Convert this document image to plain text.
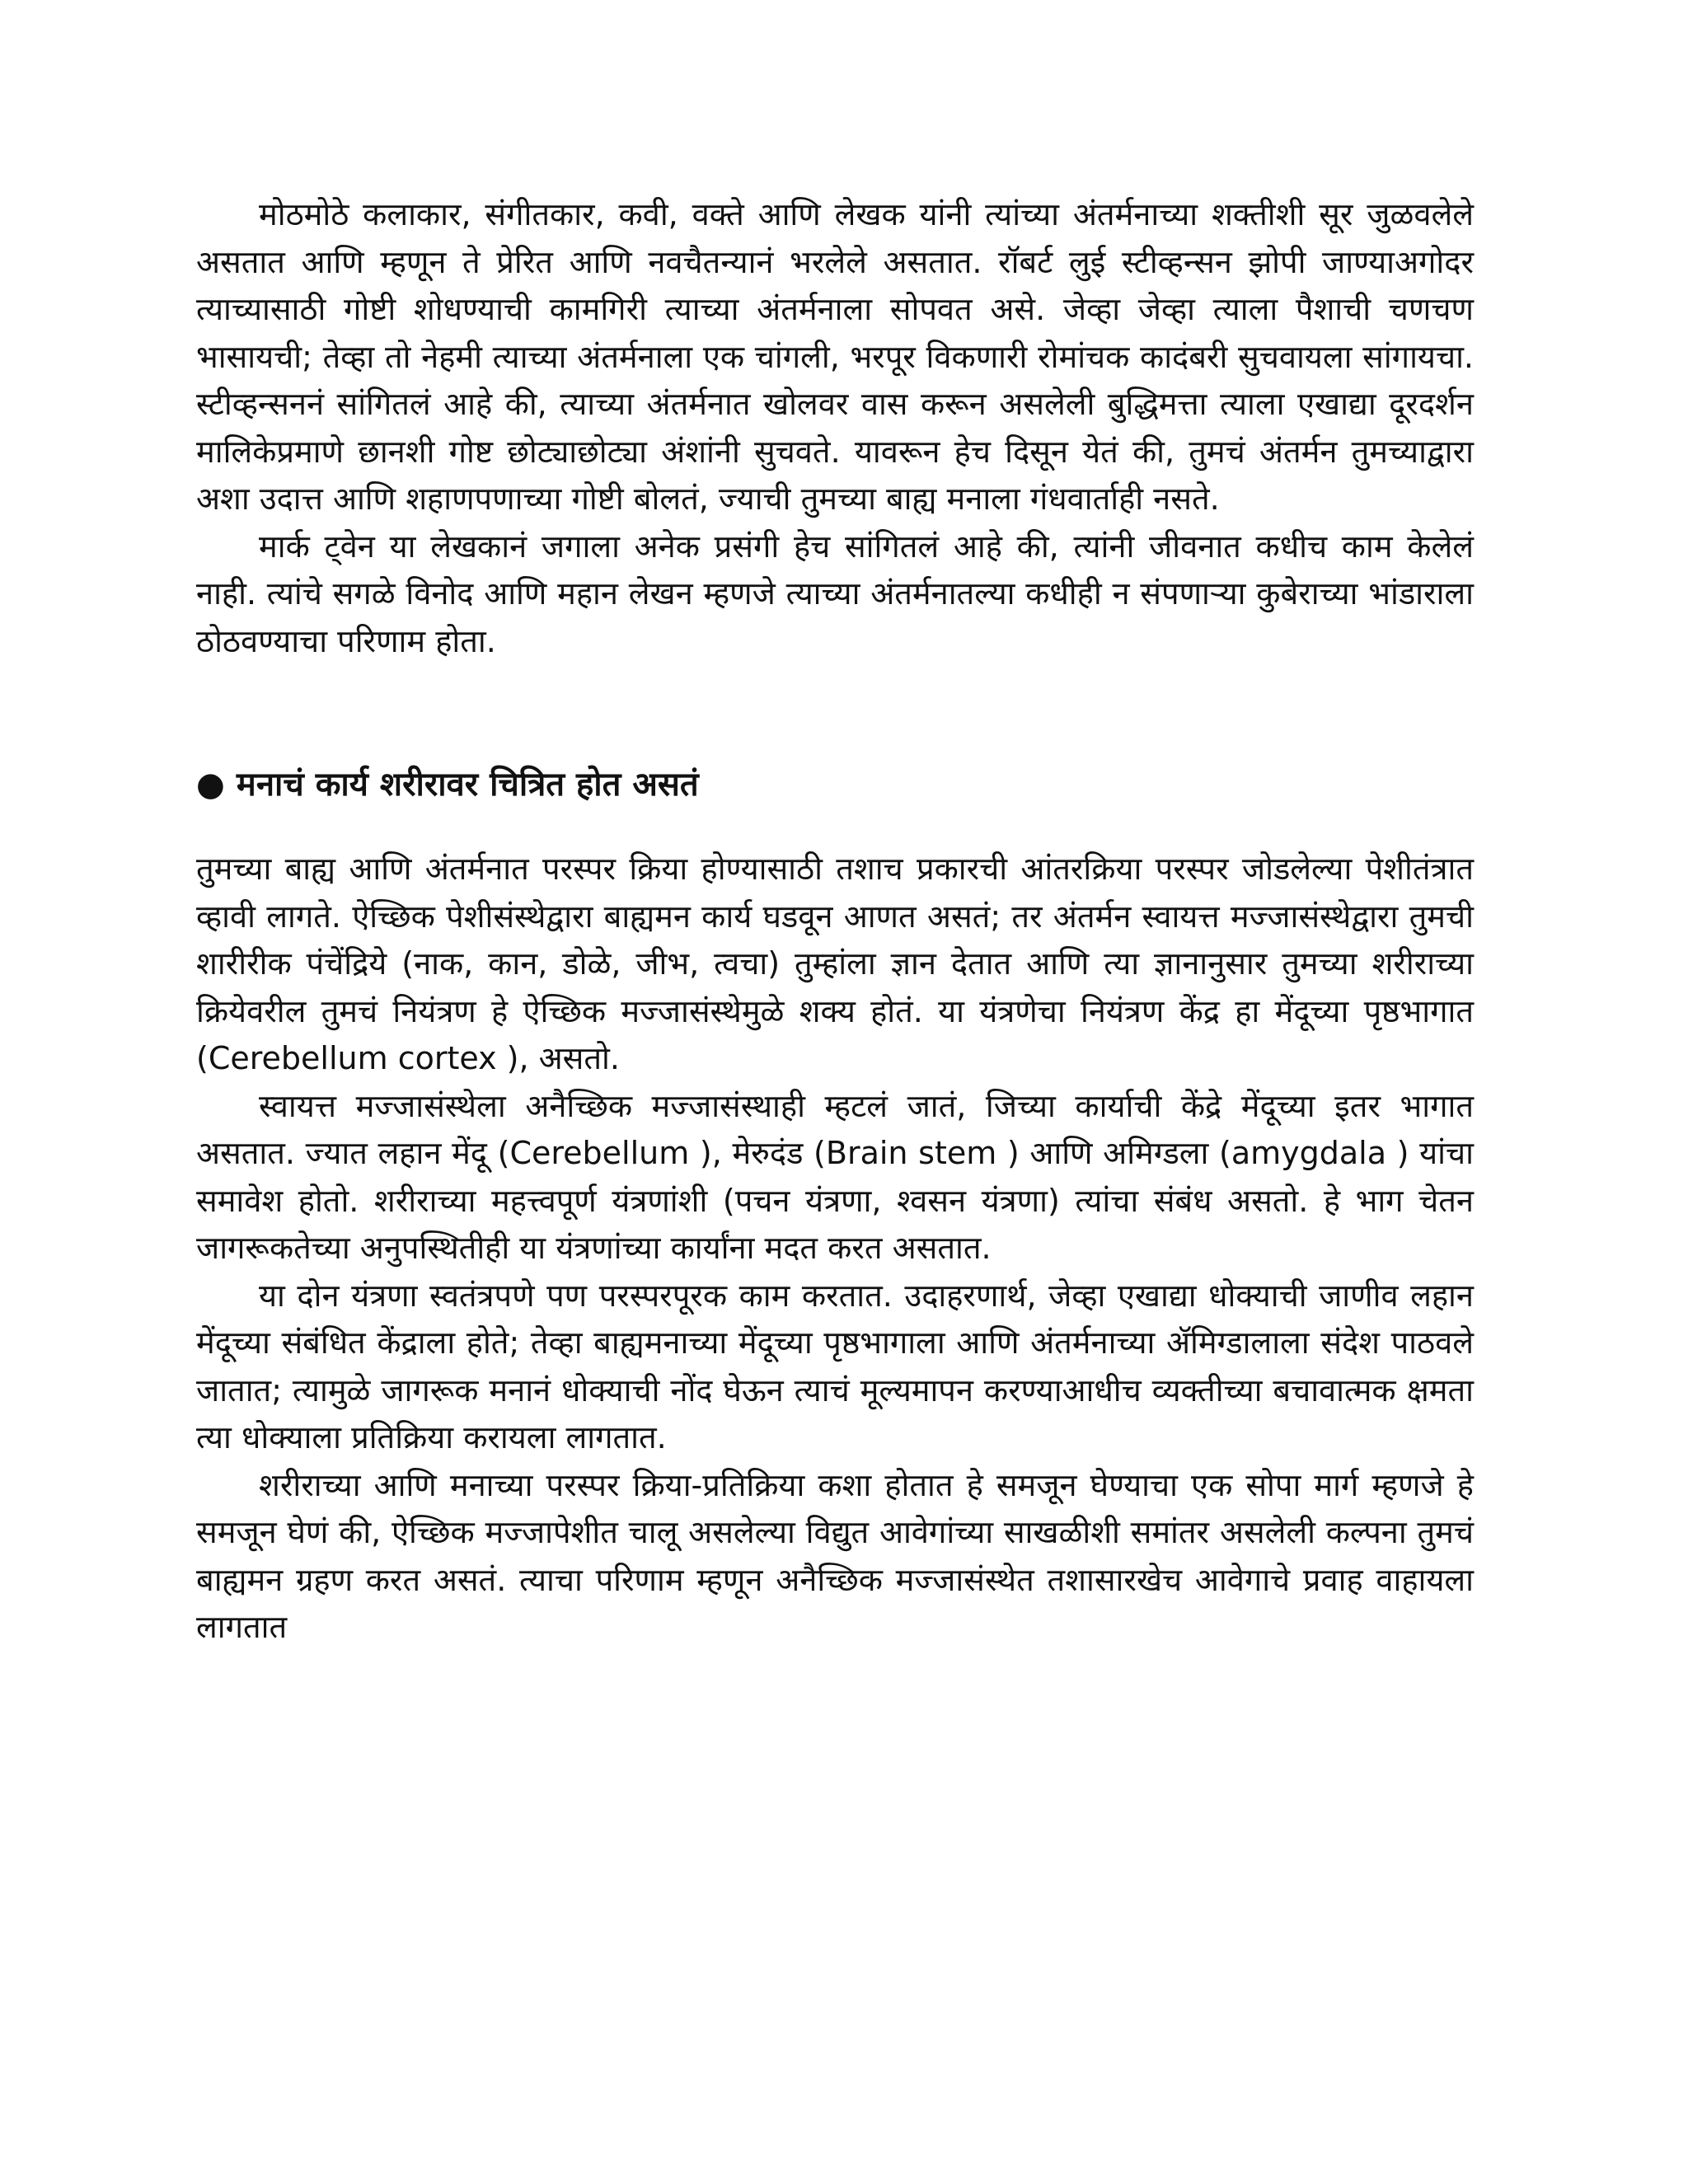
मोठमोठे कलाकार, संगीतकार, कवी, वक्ते आणि लेखक यांनी त्यांच्या अंतर्मनाच्या शक्तीशी सूर जुळवलेले असतात आणि म्हणून ते प्रेरित आणि नवचैतन्यानं भरलेले असतात. रॉबर्ट लुई स्टीव्हन्सन झोपी जाण्याअगोदर त्याच्यासाठी गोष्टी शोधण्याची कामगिरी त्याच्या अंतर्मनाला सोपवत असे. जेव्हा जेव्हा त्याला पैशाची चणचण भासायची; तेव्हा तो नेहमी त्याच्या अंतर्मनाला एक चांगली, भरपूर विकणारी रोमांचक कादंबरी सुचवायला सांगायचा. स्टीव्हन्सननं सांगितलं आहे की, त्याच्या अंतर्मनात खोलवर वास करून असलेली बुद्धिमत्ता त्याला एखाद्या दूरदर्शन मालिकेप्रमाणे छानशी गोष्ट छोट्याछोट्या अंशांनी सुचवते. यावरून हेच दिसून येतं की, तुमचं अंतर्मन तुमच्याद्वारा अशा उदात्त आणि शहाणपणाच्या गोष्टी बोलतं, ज्याची तुमच्या बाह्य मनाला गंधवार्ताही नसते.

मार्क ट्वेन या लेखकानं जगाला अनेक प्रसंगी हेच सांगितलं आहे की, त्यांनी जीवनात कधीच काम केलेलं नाही. त्यांचे सगळे विनोद आणि महान लेखन म्हणजे त्याच्या अंतर्मनातल्या कधीही न संपणाऱ्या कुबेराच्या भांडाराला ठोठवण्याचा परिणाम होता.

● मनाचं कार्य शरीरावर चित्रित होत असतं

तुमच्या बाह्य आणि अंतर्मनात परस्पर क्रिया होण्यासाठी तशाच प्रकारची आंतरक्रिया परस्पर जोडलेल्या पेशीतंत्रात व्हावी लागते. ऐच्छिक पेशीसंस्थेद्वारा बाह्यमन कार्य घडवून आणत असतं; तर अंतर्मन स्वायत्त मज्जासंस्थेद्वारा तुमची शारीरीक पंचेंद्रिये (नाक, कान, डोळे, जीभ, त्वचा) तुम्हांला ज्ञान देतात आणि त्या ज्ञानानुसार तुमच्या शरीराच्या क्रियेवरील तुमचं नियंत्रण हे ऐच्छिक मज्जासंस्थेमुळे शक्य होतं. या यंत्रणेचा नियंत्रण केंद्र हा मेंदूच्या पृष्ठभागात (Cerebellum cortex ), असतो.

स्वायत्त मज्जासंस्थेला अनैच्छिक मज्जासंस्थाही म्हटलं जातं, जिच्या कार्याची केंद्रे मेंदूच्या इतर भागात असतात. ज्यात लहान मेंदू (Cerebellum ), मेरुदंड (Brain stem ) आणि अमिग्डला (amygdala ) यांचा समावेश होतो. शरीराच्या महत्त्वपूर्ण यंत्रणांशी (पचन यंत्रणा, श्वसन यंत्रणा) त्यांचा संबंध असतो. हे भाग चेतन जागरूकतेच्या अनुपस्थितीही या यंत्रणांच्या कार्यांना मदत करत असतात.

या दोन यंत्रणा स्वतंत्रपणे पण परस्परपूरक काम करतात. उदाहरणार्थ, जेव्हा एखाद्या धोक्याची जाणीव लहान मेंदूच्या संबंधित केंद्राला होते; तेव्हा बाह्यमनाच्या मेंदूच्या पृष्ठभागाला आणि अंतर्मनाच्या ॲमिग्डालाला संदेश पाठवले जातात; त्यामुळे जागरूक मनानं धोक्याची नोंद घेऊन त्याचं मूल्यमापन करण्याआधीच व्यक्तीच्या बचावात्मक क्षमता त्या धोक्याला प्रतिक्रिया करायला लागतात.

शरीराच्या आणि मनाच्या परस्पर क्रिया-प्रतिक्रिया कशा होतात हे समजून घेण्याचा एक सोपा मार्ग म्हणजे हे समजून घेणं की, ऐच्छिक मज्जापेशीत चालू असलेल्या विद्युत आवेगांच्या साखळीशी समांतर असलेली कल्पना तुमचं बाह्यमन ग्रहण करत असतं. त्याचा परिणाम म्हणून अनैच्छिक मज्जासंस्थेत तशासारखेच आवेगाचे प्रवाह वाहायला लागतात
